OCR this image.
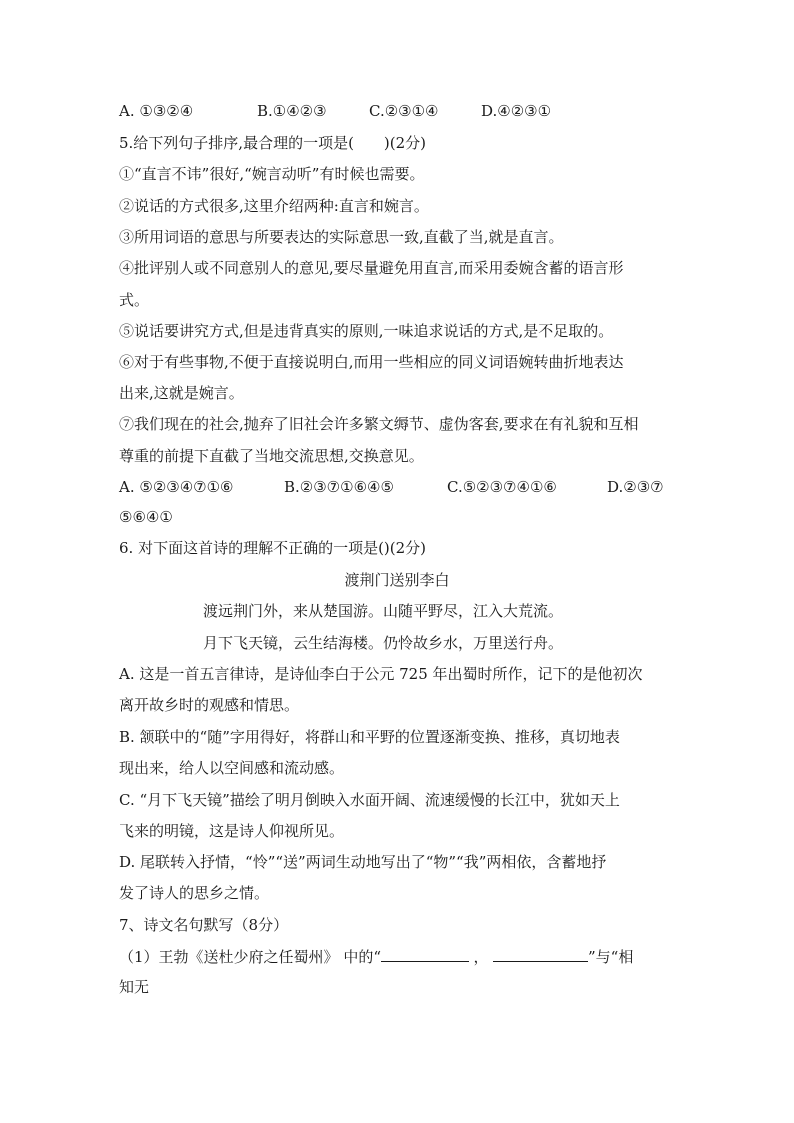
A. ①③②④	B.①④②③	C.②③①④	D.④②③①
5.给下列句子排序,最合理的一项是(　　)(2分)
①“直言不讳”很好,“婉言动听”有时候也需要。
②说话的方式很多,这里介绍两种:直言和婉言。
③所用词语的意思与所要表达的实际意思一致,直截了当,就是直言。
④批评别人或不同意别人的意见,要尽量避免用直言,而采用委婉含蓄的语言形
式。
⑤说话要讲究方式,但是违背真实的原则,一味追求说话的方式,是不足取的。
⑥对于有些事物,不便于直接说明白,而用一些相应的同义词语婉转曲折地表达
出来,这就是婉言。
⑦我们现在的社会,抛弃了旧社会许多繁文缛节、虚伪客套,要求在有礼貌和互相
尊重的前提下直截了当地交流思想,交换意见。
A. ⑤②③④⑦①⑥	B.②③⑦①⑥④⑤	C.⑤②③⑦④①⑥	D.②③⑦
⑤⑥④①
6. 对下面这首诗的理解不正确的一项是()(2分)
渡荆门送别李白
渡远荆门外，来从楚国游。山随平野尽，江入大荒流。
月下飞天镜，云生结海楼。仍怜故乡水，万里送行舟。
A. 这是一首五言律诗，是诗仙李白于公元 725 年出蜀时所作，记下的是他初次
离开故乡时的观感和情思。
B. 颔联中的“随”字用得好，将群山和平野的位置逐渐变换、推移，真切地表
现出来，给人以空间感和流动感。
C. “月下飞天镜”描绘了明月倒映入水面开阔、流速缓慢的长江中，犹如天上
飞来的明镜，这是诗人仰视所见。
D. 尾联转入抒情，“怜”“送”两词生动地写出了“物”“我”两相依，含蓄地抒
发了诗人的思乡之情。
7、诗文名句默写（8分）
（1）王勃《送杜少府之任蜀州》 中的“	，	”与“相
知无
